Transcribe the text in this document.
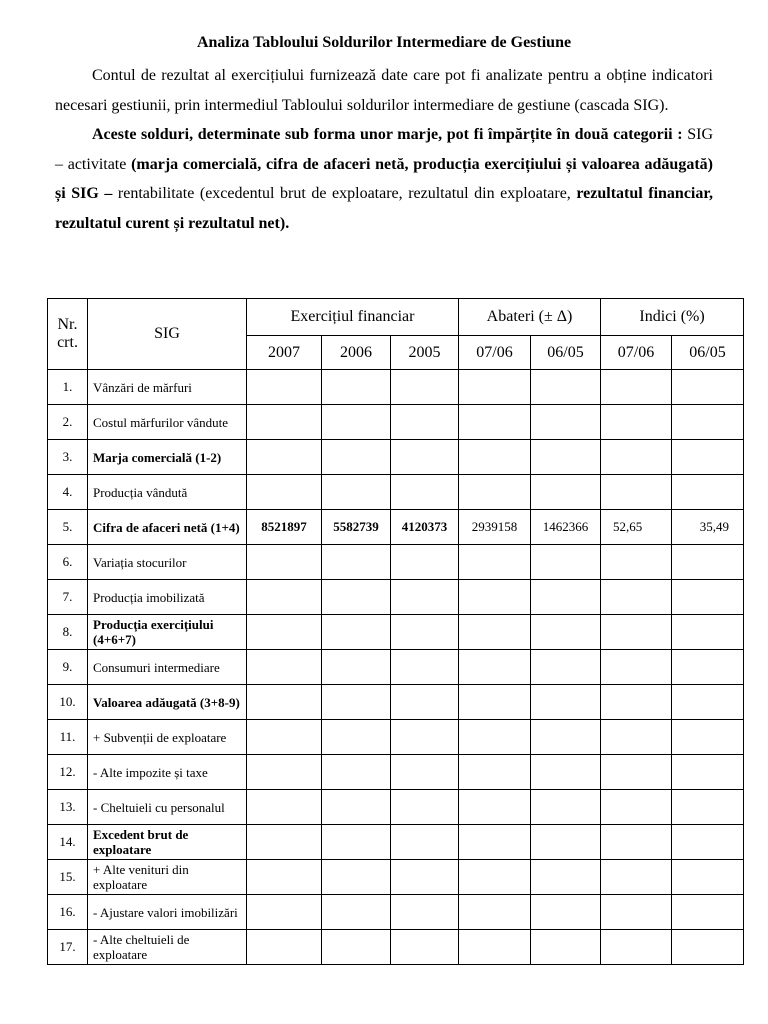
Analiza Tabloului Soldurilor Intermediare de Gestiune

Contul de rezultat al exercițiului furnizează date care pot fi analizate pentru a obține indicatori necesari gestiunii, prin intermediul Tabloului soldurilor intermediare de gestiune (cascada SIG).

Aceste solduri, determinate sub forma unor marje, pot fi împărțite în două categorii : SIG – activitate (marja comercială, cifra de afaceri netă, producția exercițiului și valoarea adăugată) și SIG – rentabilitate (excedentul brut de exploatare, rezultatul din exploatare, rezultatul financiar, rezultatul curent și rezultatul net).

Nr. crt.	SIG	Exercițiul financiar			Abateri (± Δ)		Indici (%)	
		2007	2006	2005	07/06	06/05	07/06	06/05
1.	Vânzări de mărfuri							
2.	Costul mărfurilor vândute							
3.	Marja comercială (1-2)							
4.	Producția vândută							
5.	Cifra de afaceri netă (1+4)	8521897	5582739	4120373	2939158	1462366	52,65	35,49
6.	Variația stocurilor							
7.	Producția imobilizată							
8.	Producția exercițiului (4+6+7)							
9.	Consumuri intermediare							
10.	Valoarea adăugată (3+8-9)							
11.	+ Subvenții de exploatare							
12.	- Alte impozite și taxe							
13.	- Cheltuieli cu personalul							
14.	Excedent brut de exploatare							
15.	+ Alte venituri din exploatare							
16.	- Ajustare valori imobilizări							
17.	- Alte cheltuieli de exploatare							
